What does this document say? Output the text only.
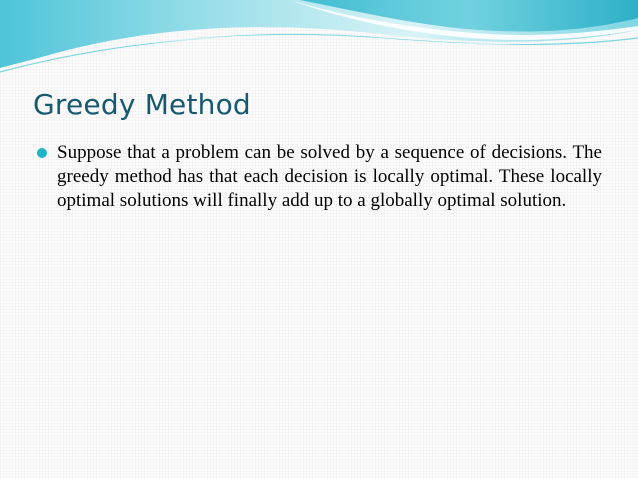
Greedy Method
Suppose that a problem can be solved by a sequence of decisions. The greedy method has that each decision is locally optimal. These locally optimal solutions will finally add up to a globally optimal solution.
